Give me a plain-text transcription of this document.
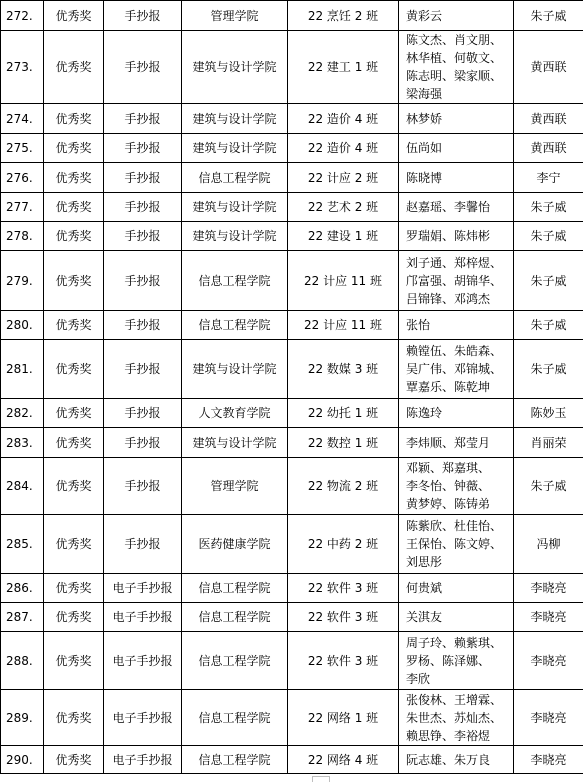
272.	优秀奖	手抄报	管理学院	22 烹饪 2 班	黄彩云	朱子威
273.	优秀奖	手抄报	建筑与设计学院	22 建工 1 班	陈文杰、肖文朋、
林华植、何敬文、
陈志明、梁家顺、
梁海强	黄西联
274.	优秀奖	手抄报	建筑与设计学院	22 造价 4 班	林梦娇	黄西联
275.	优秀奖	手抄报	建筑与设计学院	22 造价 4 班	伍尚如	黄西联
276.	优秀奖	手抄报	信息工程学院	22 计应 2 班	陈晓博	李宁
277.	优秀奖	手抄报	建筑与设计学院	22 艺术 2 班	赵嘉瑶、李馨怡	朱子威
278.	优秀奖	手抄报	建筑与设计学院	22 建设 1 班	罗瑞娟、陈炜彬	朱子威
279.	优秀奖	手抄报	信息工程学院	22 计应 11 班	刘子通、郑梓煜、
邝富强、胡锦华、
吕锦锋、邓鸿杰	朱子威
280.	优秀奖	手抄报	信息工程学院	22 计应 11 班	张怡	朱子威
281.	优秀奖	手抄报	建筑与设计学院	22 数媒 3 班	赖镗伍、朱皓森、
吴广伟、邓锦城、
覃嘉乐、陈乾坤	朱子威
282.	优秀奖	手抄报	人文教育学院	22 幼托 1 班	陈逸玲	陈妙玉
283.	优秀奖	手抄报	建筑与设计学院	22 数控 1 班	李炜顺、郑莹月	肖丽荣
284.	优秀奖	手抄报	管理学院	22 物流 2 班	邓颖、郑嘉琪、
李冬怡、钟薇、
黄梦婷、陈铸弟	朱子威
285.	优秀奖	手抄报	医药健康学院	22 中药 2 班	陈紫欣、杜佳怡、
王保怡、陈文婷、
刘思彤	冯柳
286.	优秀奖	电子手抄报	信息工程学院	22 软件 3 班	何贵斌	李晓亮
287.	优秀奖	电子手抄报	信息工程学院	22 软件 3 班	关淇友	李晓亮
288.	优秀奖	电子手抄报	信息工程学院	22 软件 3 班	周子玲、赖紫琪、
罗杨、陈泽娜、
李欣	李晓亮
289.	优秀奖	电子手抄报	信息工程学院	22 网络 1 班	张俊林、王增霖、
朱世杰、苏灿杰、
赖思铮、李裕煜	李晓亮
290.	优秀奖	电子手抄报	信息工程学院	22 网络 4 班	阮志雄、朱万良	李晓亮
